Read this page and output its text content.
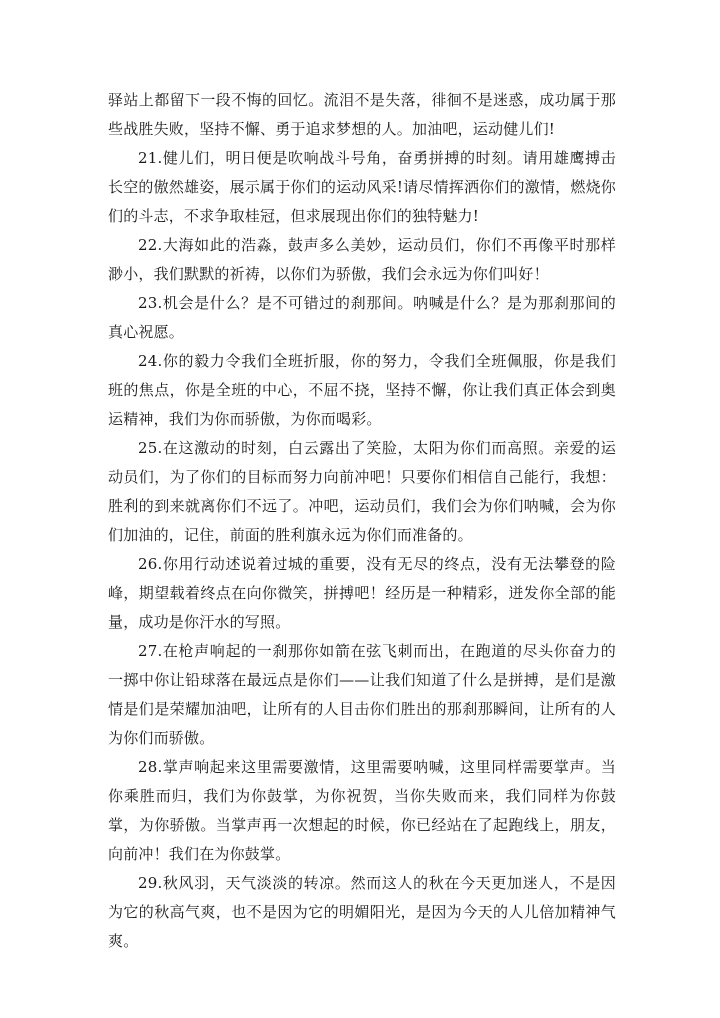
驿站上都留下一段不悔的回忆。流泪不是失落，徘徊不是迷惑，成功属于那些战胜失败，坚持不懈、勇于追求梦想的人。加油吧，运动健儿们!

21.健儿们，明日便是吹响战斗号角，奋勇拼搏的时刻。请用雄鹰搏击长空的傲然雄姿，展示属于你们的运动风采!请尽情挥洒你们的激情，燃烧你们的斗志，不求争取桂冠，但求展现出你们的独特魅力!

22.大海如此的浩淼，鼓声多么美妙，运动员们，你们不再像平时那样渺小，我们默默的祈祷，以你们为骄傲，我们会永远为你们叫好！

23.机会是什么？是不可错过的刹那间。呐喊是什么？是为那刹那间的真心祝愿。

24.你的毅力令我们全班折服，你的努力，令我们全班佩服，你是我们班的焦点，你是全班的中心，不屈不挠，坚持不懈，你让我们真正体会到奥运精神，我们为你而骄傲，为你而喝彩。

25.在这激动的时刻，白云露出了笑脸，太阳为你们而高照。亲爱的运动员们，为了你们的目标而努力向前冲吧！只要你们相信自己能行，我想：胜利的到来就离你们不远了。冲吧，运动员们，我们会为你们呐喊，会为你们加油的，记住，前面的胜利旗永远为你们而准备的。

26.你用行动述说着过城的重要，没有无尽的终点，没有无法攀登的险峰，期望载着终点在向你微笑，拼搏吧！经历是一种精彩，迸发你全部的能量，成功是你汗水的写照。

27.在枪声响起的一刹那你如箭在弦飞刺而出，在跑道的尽头你奋力的一掷中你让铅球落在最远点是你们——让我们知道了什么是拼搏，是们是激情是们是荣耀加油吧，让所有的人目击你们胜出的那刹那瞬间，让所有的人为你们而骄傲。

28.掌声响起来这里需要激情，这里需要呐喊，这里同样需要掌声。当你乘胜而归，我们为你鼓掌，为你祝贺，当你失败而来，我们同样为你鼓掌，为你骄傲。当掌声再一次想起的时候，你已经站在了起跑线上，朋友，向前冲！我们在为你鼓掌。

29.秋风羽，天气淡淡的转凉。然而这人的秋在今天更加迷人，不是因为它的秋高气爽，也不是因为它的明媚阳光，是因为今天的人儿倍加精神气爽。
